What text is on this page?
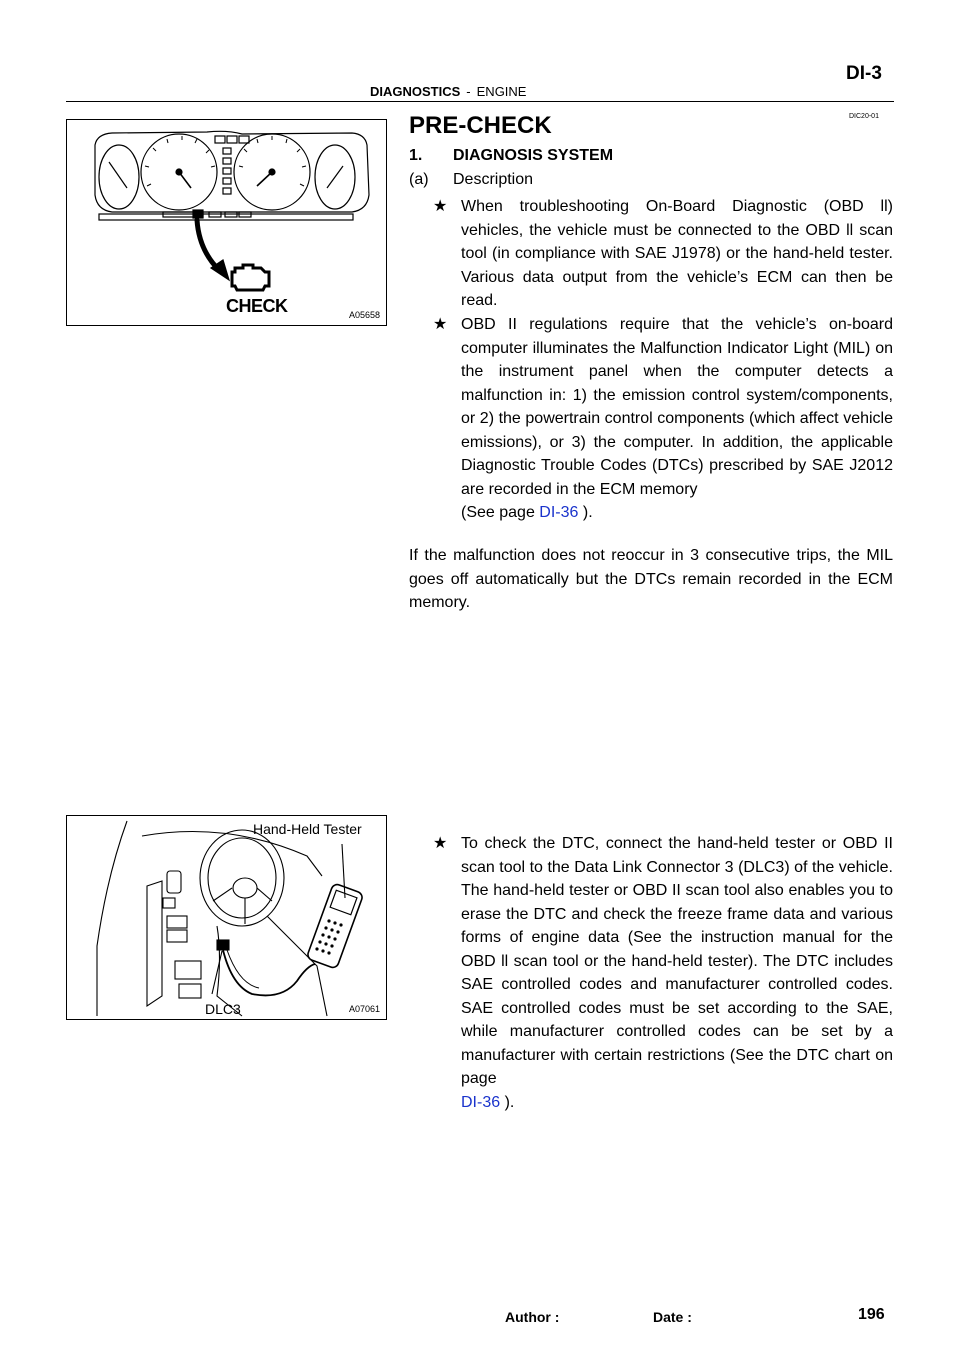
DI-3
DIAGNOSTICS - ENGINE
DIC20-01
CHECK	A05658
PRE-CHECK
1. DIAGNOSIS SYSTEM
(a) Description
★ When troubleshooting On-Board Diagnostic (OBD ll) vehicles, the vehicle must be connected to the OBD ll scan tool (in compliance with SAE J1978) or the hand-held tester. Various data output from the vehicle’s ECM can then be read.
★ OBD II regulations require that the vehicle’s on-board computer illuminates the Malfunction Indicator Light (MIL) on the instrument panel when the computer detects a malfunction in: 1) the emission control system/components, or 2) the powertrain control components (which affect vehicle emissions), or 3) the computer. In addition, the applicable Diagnostic Trouble Codes (DTCs) prescribed by SAE J2012 are recorded in the ECM memory
(See page DI-36 ).
If the malfunction does not reoccur in 3 consecutive trips, the MIL goes off automatically but the DTCs remain recorded in the ECM memory.
Hand-Held Tester
DLC3	A07061
★ To check the DTC, connect the hand-held tester or OBD II scan tool to the Data Link Connector 3 (DLC3) of the vehicle. The hand-held tester or OBD II scan tool also enables you to erase the DTC and check the freeze frame data and various forms of engine data (See the instruction manual for the OBD ll scan tool or the hand-held tester). The DTC includes SAE controlled codes and manufacturer controlled codes. SAE controlled codes must be set according to the SAE, while manufacturer controlled codes can be set by a manufacturer with certain restrictions (See the DTC chart on page
DI-36 ).
Author :	Date :	196
